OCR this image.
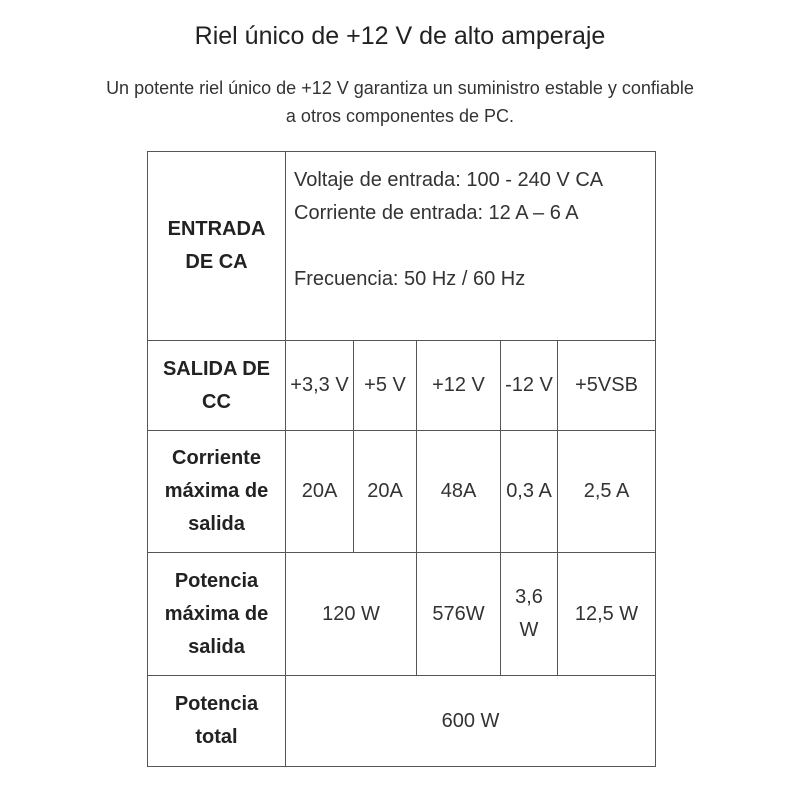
Riel único de +12 V de alto amperaje
Un potente riel único de +12 V garantiza un suministro estable y confiable
a otros componentes de PC.
ENTRADA DE CA	Voltaje de entrada: 100 - 240 V CA
Corriente de entrada: 12 A – 6 A
Frecuencia: 50 Hz / 60 Hz				

SALIDA DE CC	+3,3 V	+5 V	+12 V	-12 V	+5VSB
Corriente máxima de salida	20A	20A	48A	0,3 A	2,5 A
Potencia máxima de salida	120 W		576W	3,6 W	12,5 W
Potencia total	600 W				
